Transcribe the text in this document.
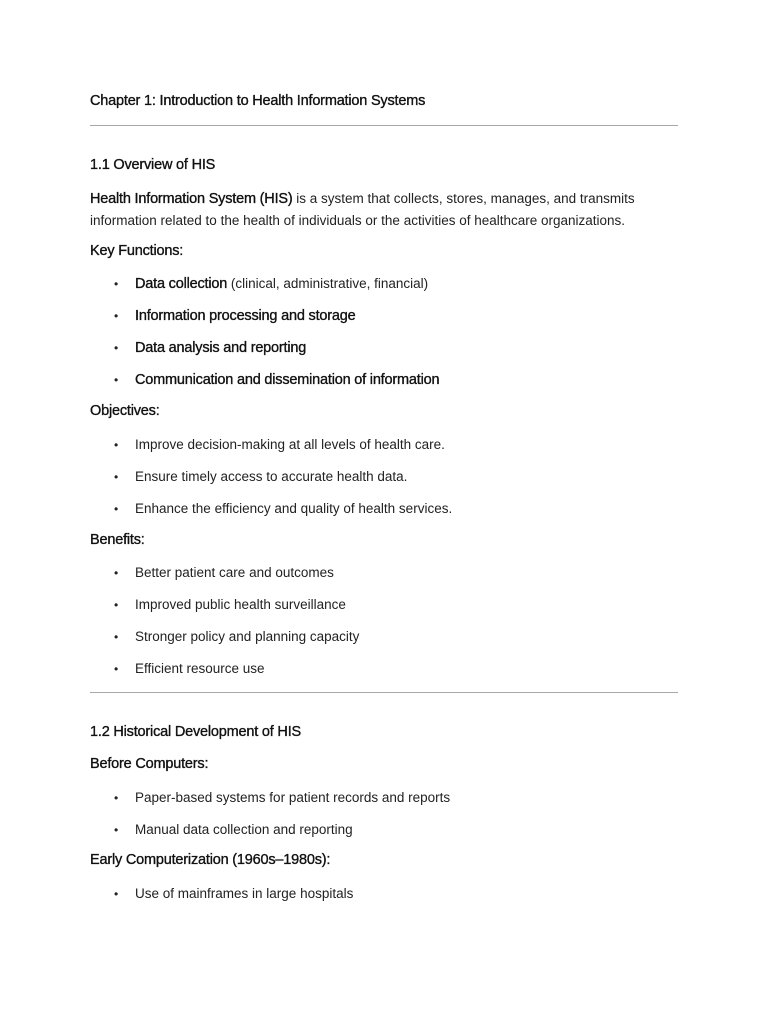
Chapter 1: Introduction to Health Information Systems
1.1 Overview of HIS
Health Information System (HIS) is a system that collects, stores, manages, and transmits
information related to the health of individuals or the activities of healthcare organizations.
Key Functions:
• Data collection (clinical, administrative, financial)
• Information processing and storage
• Data analysis and reporting
• Communication and dissemination of information
Objectives:
• Improve decision-making at all levels of health care.
• Ensure timely access to accurate health data.
• Enhance the efficiency and quality of health services.
Benefits:
• Better patient care and outcomes
• Improved public health surveillance
• Stronger policy and planning capacity
• Efficient resource use
1.2 Historical Development of HIS
Before Computers:
• Paper-based systems for patient records and reports
• Manual data collection and reporting
Early Computerization (1960s–1980s):
• Use of mainframes in large hospitals
